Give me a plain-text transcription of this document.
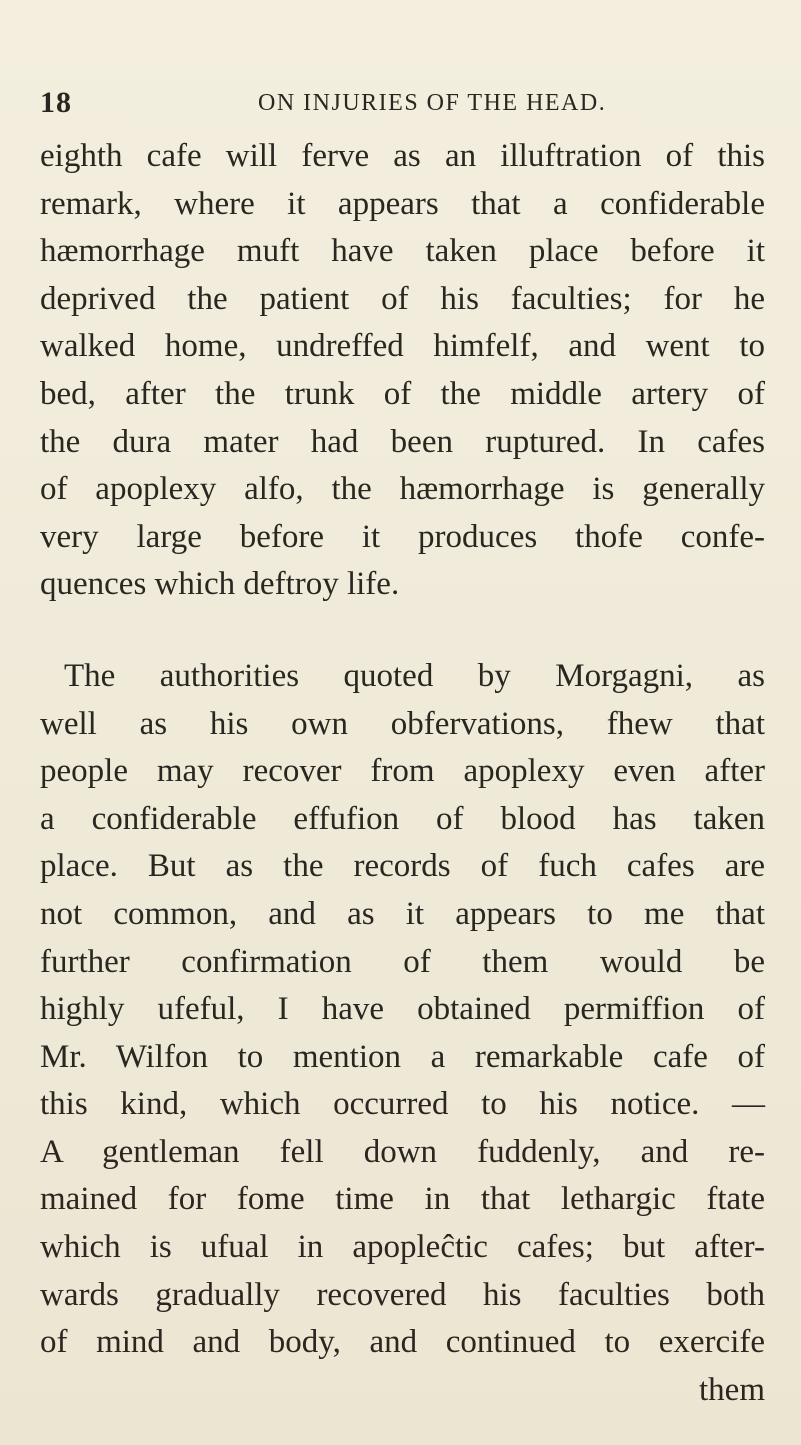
18	ON INJURIES OF THE HEAD.
eighth cafe will ferve as an illuftration of this
remark, where it appears that a confiderable
hæmorrhage muft have taken place before it
deprived the patient of his faculties; for he
walked home, undreffed himfelf, and went to
bed, after the trunk of the middle artery of
the dura mater had been ruptured. In cafes
of apoplexy alfo, the hæmorrhage is generally
very large before it produces thofe confe-
quences which deftroy life.
The authorities quoted by Morgagni, as
well as his own obfervations, fhew that
people may recover from apoplexy even after
a confiderable effufion of blood has taken
place. But as the records of fuch cafes are
not common, and as it appears to me that
further confirmation of them would be
highly ufeful, I have obtained permiffion of
Mr. Wilfon to mention a remarkable cafe of
this kind, which occurred to his notice. —
A gentleman fell down fuddenly, and re-
mained for fome time in that lethargic ftate
which is ufual in apopleĉtic cafes; but after-
wards gradually recovered his faculties both
of mind and body, and continued to exercife
them
